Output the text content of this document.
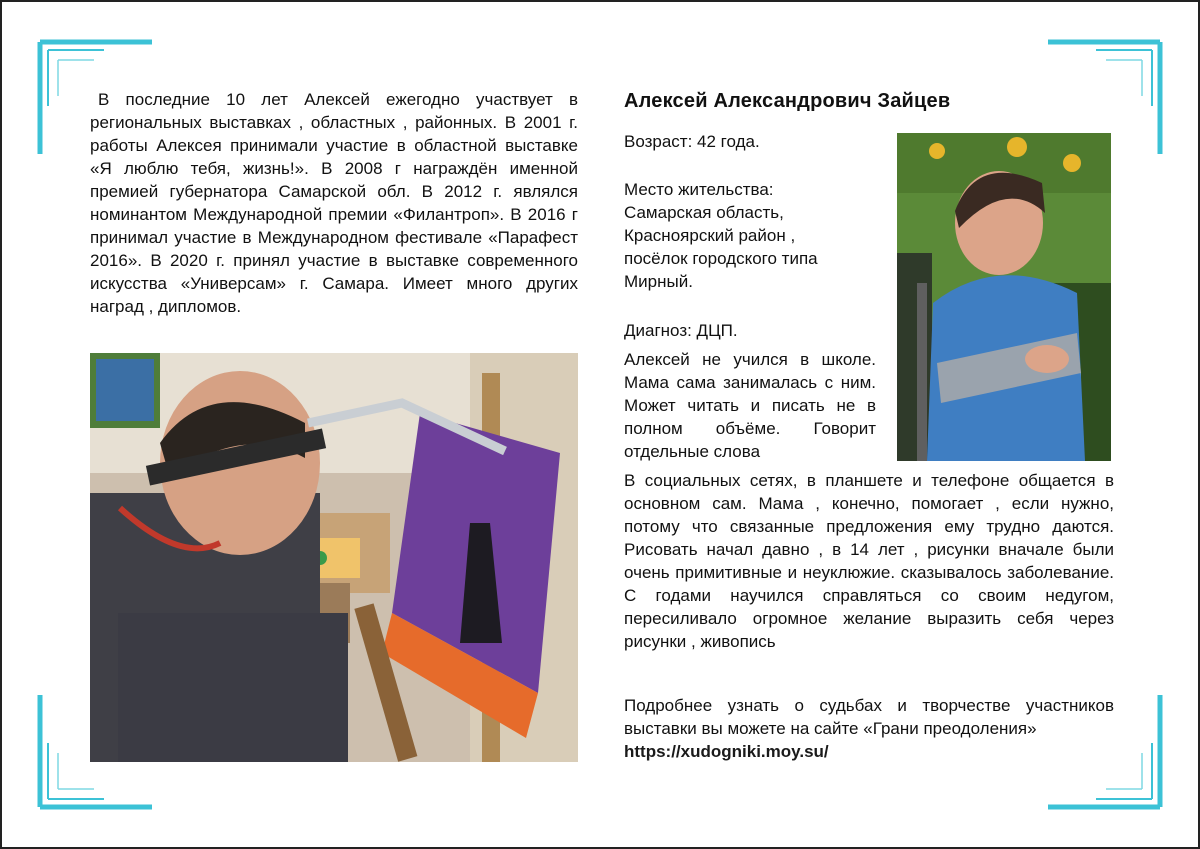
В последние 10 лет Алексей ежегодно участвует в региональных выставках , областных , районных. В 2001 г. работы Алексея принимали участие в областной выставке «Я люблю тебя, жизнь!». В 2008 г награждён именной премией губернатора Самарской обл. В 2012 г. являлся номинантом Международной премии «Филантроп». В 2016 г принимал участие в Международном фестивале «Парафест 2016». В 2020 г. принял участие в выставке современного искусства «Универсам» г. Самара. Имеет много других наград , дипломов.

Алексей Александрович Зайцев
Возраст: 42 года.
Место жительства:
Самарская область,
Красноярский район ,
посёлок городского типа
Мирный.
Диагноз: ДЦП.
Алексей не учился в школе. Мама сама занималась с ним. Может читать и писать не в полном объёме. Говорит отдельные слова
В социальных сетях, в планшете и телефоне общается в основном сам. Мама , конечно, помогает , если нужно, потому что связанные предложения ему трудно даются. Рисовать начал давно , в 14 лет , рисунки вначале были очень примитивные и неуклюжие. сказывалось заболевание. С годами научился справляться со своим недугом, пересиливало огромное желание выразить себя через рисунки , живопись
Подробнее узнать о судьбах и творчестве участников выставки вы можете на сайте «Грани преодоления»
https://xudogniki.moy.su/
